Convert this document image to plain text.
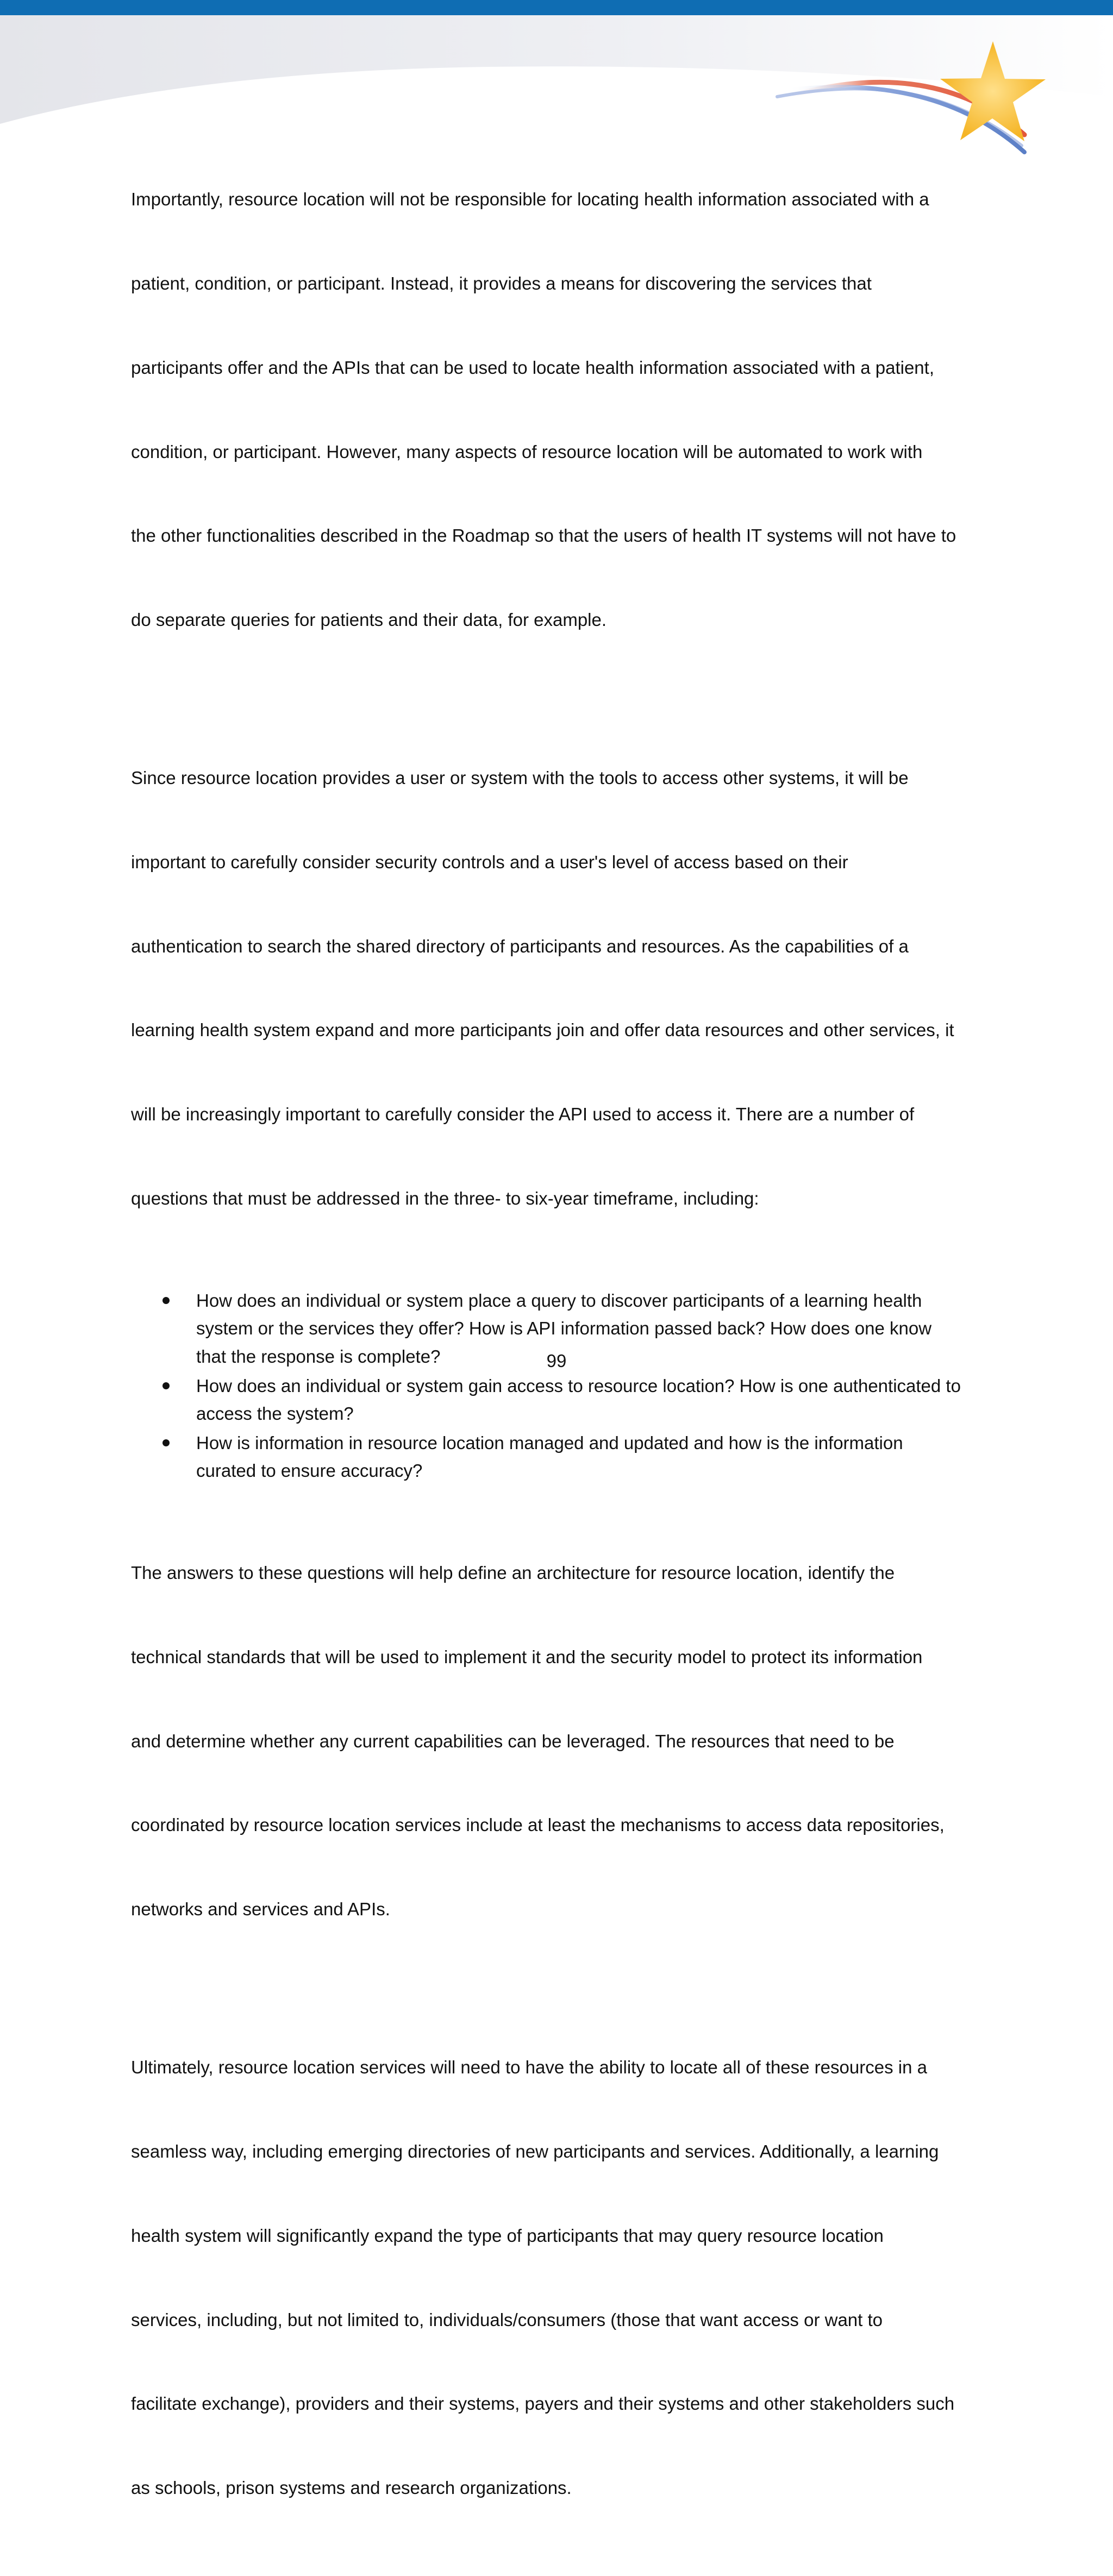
Importantly, resource location will not be responsible for locating health information associated with a

patient, condition, or participant. Instead, it provides a means for discovering the services that

participants offer and the APIs that can be used to locate health information associated with a patient,

condition, or participant. However, many aspects of resource location will be automated to work with

the other functionalities described in the Roadmap so that the users of health IT systems will not have to

do separate queries for patients and their data, for example.

Since resource location provides a user or system with the tools to access other systems, it will be

important to carefully consider security controls and a user's level of access based on their

authentication to search the shared directory of participants and resources. As the capabilities of a

learning health system expand and more participants join and offer data resources and other services, it

will be increasingly important to carefully consider the API used to access it. There are a number of

questions that must be addressed in the three- to six-year timeframe, including:

How does an individual or system place a query to discover participants of a learning health
system or the services they offer? How is API information passed back? How does one know
that the response is complete?
How does an individual or system gain access to resource location? How is one authenticated to
access the system?
How is information in resource location managed and updated and how is the information
curated to ensure accuracy?

The answers to these questions will help define an architecture for resource location, identify the

technical standards that will be used to implement it and the security model to protect its information

and determine whether any current capabilities can be leveraged. The resources that need to be

coordinated by resource location services include at least the mechanisms to access data repositories,

networks and services and APIs.

Ultimately, resource location services will need to have the ability to locate all of these resources in a

seamless way, including emerging directories of new participants and services. Additionally, a learning

health system will significantly expand the type of participants that may query resource location

services, including, but not limited to, individuals/consumers (those that want access or want to

facilitate exchange), providers and their systems, payers and their systems and other stakeholders such

as schools, prison systems and research organizations.

99
